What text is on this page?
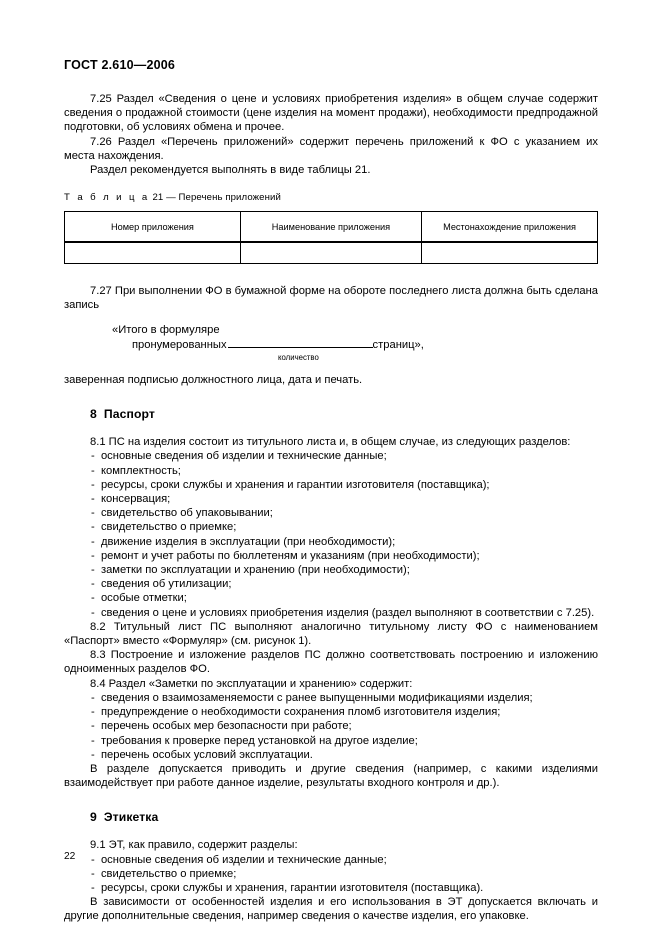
ГОСТ 2.610—2006

7.25 Раздел «Сведения о цене и условиях приобретения изделия» в общем случае содержит сведения о продажной стоимости (цене изделия на момент продажи), необходимости предпродажной подготовки, об условиях обмена и прочее.

7.26 Раздел «Перечень приложений» содержит перечень приложений к ФО с указанием их места нахождения.

Раздел рекомендуется выполнять в виде таблицы 21.

Т а б л и ц а 21 — Перечень приложений

Номер приложения	Наименование приложения	Местонахождение приложения

7.27 При выполнении ФО в бумажной форме на обороте последнего листа должна быть сделана запись

«Итого в формуляре
пронумерованных	страниц»,
количество

заверенная подписью должностного лица, дата и печать.

8 Паспорт

8.1 ПС на изделия состоит из титульного листа и, в общем случае, из следующих разделов:

-  основные сведения об изделии и технические данные;

-  комплектность;

-  ресурсы, сроки службы и хранения и гарантии изготовителя (поставщика);

-  консервация;

-  свидетельство об упаковывании;

-  свидетельство о приемке;

-  движение изделия в эксплуатации (при необходимости);

-  ремонт и учет работы по бюллетеням и указаниям (при необходимости);

-  заметки по эксплуатации и хранению (при необходимости);

-  сведения об утилизации;

-  особые отметки;

-  сведения о цене и условиях приобретения изделия (раздел выполняют в соответствии с 7.25).

8.2 Титульный лист ПС выполняют аналогично титульному листу ФО с наименованием «Паспорт» вместо «Формуляр» (см. рисунок 1).

8.3 Построение и изложение разделов ПС должно соответствовать построению и изложению одноименных разделов ФО.

8.4 Раздел «Заметки по эксплуатации и хранению» содержит:

-  сведения о взаимозаменяемости с ранее выпущенными модификациями изделия;

-  предупреждение о необходимости сохранения пломб изготовителя изделия;

-  перечень особых мер безопасности при работе;

-  требования к проверке перед установкой на другое изделие;

-  перечень особых условий эксплуатации.

В разделе допускается приводить и другие сведения (например, с какими изделиями взаимодействует при работе данное изделие, результаты входного контроля и др.).

9 Этикетка

9.1 ЭТ, как правило, содержит разделы:

-  основные сведения об изделии и технические данные;

-  свидетельство о приемке;

-  ресурсы, сроки службы и хранения, гарантии изготовителя (поставщика).

В зависимости от особенностей изделия и его использования в ЭТ допускается включать и другие дополнительные сведения, например сведения о качестве изделия, его упаковке.

22
